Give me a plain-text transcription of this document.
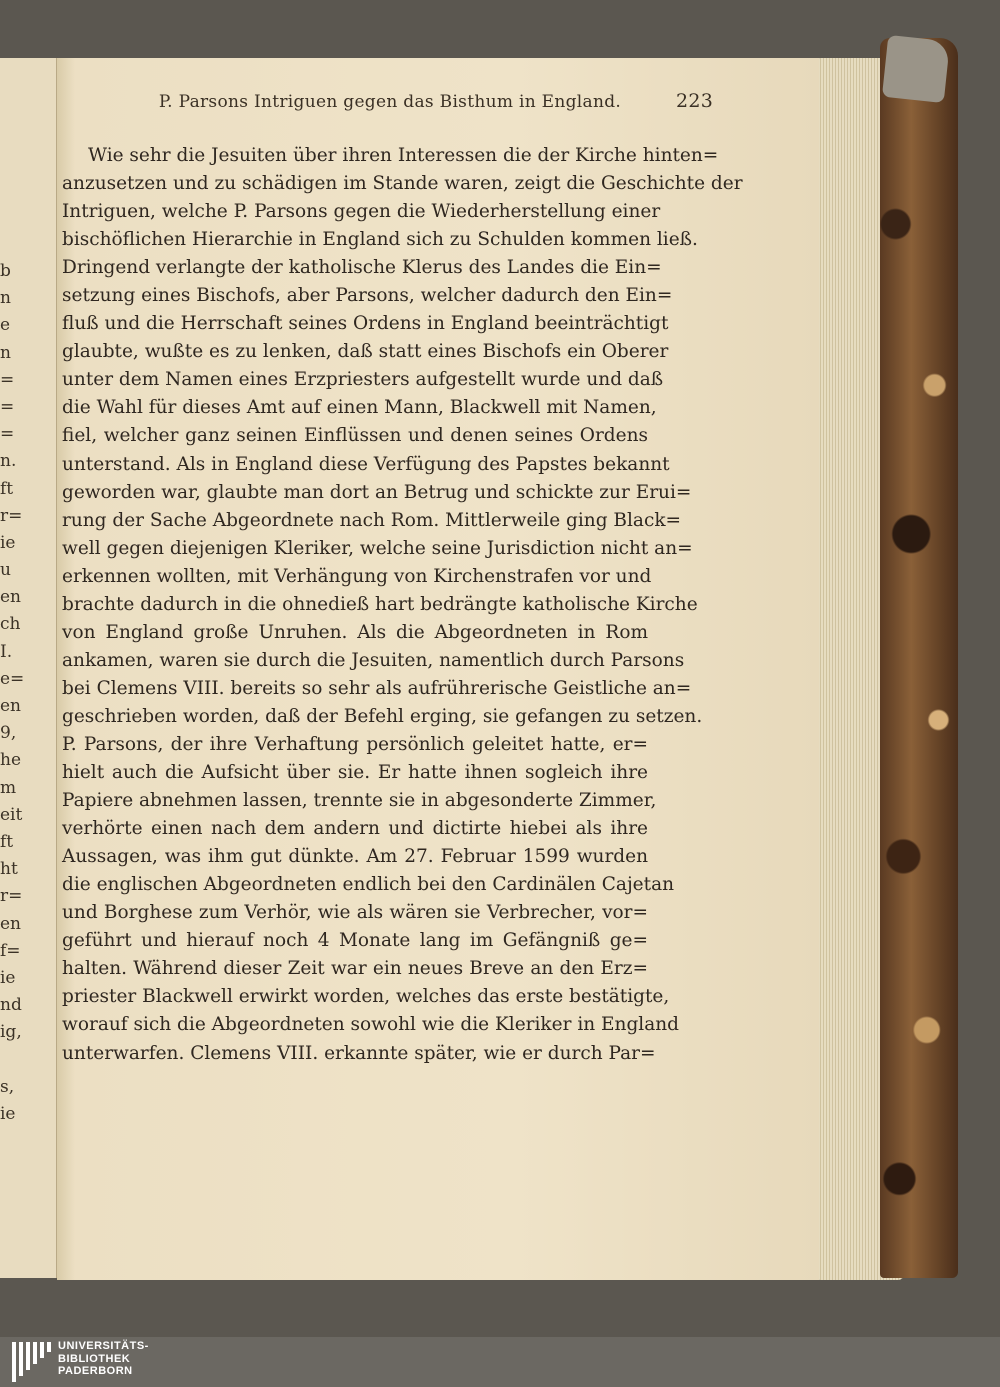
b
n
e
n
=
=
=
n.
ft
r=
ie
u
en
ch
I.
e=
en
9,
he
m
eit
ft
ht
r=
en
f=
ie
nd
ig,
s,
ie
P. Parsons Intriguen gegen das Bisthum in England.	223
Wie sehr die Jesuiten über ihren Interessen die der Kirche hinten=
anzusetzen und zu schädigen im Stande waren, zeigt die Geschichte der
Intriguen, welche P. Parsons gegen die Wiederherstellung einer
bischöflichen Hierarchie in England sich zu Schulden kommen ließ.
Dringend verlangte der katholische Klerus des Landes die Ein=
setzung eines Bischofs, aber Parsons, welcher dadurch den Ein=
fluß und die Herrschaft seines Ordens in England beeinträchtigt
glaubte, wußte es zu lenken, daß statt eines Bischofs ein Oberer
unter dem Namen eines Erzpriesters aufgestellt wurde und daß
die Wahl für dieses Amt auf einen Mann, Blackwell mit Namen,
fiel, welcher ganz seinen Einflüssen und denen seines Ordens
unterstand. Als in England diese Verfügung des Papstes bekannt
geworden war, glaubte man dort an Betrug und schickte zur Erui=
rung der Sache Abgeordnete nach Rom. Mittlerweile ging Black=
well gegen diejenigen Kleriker, welche seine Jurisdiction nicht an=
erkennen wollten, mit Verhängung von Kirchenstrafen vor und
brachte dadurch in die ohnedieß hart bedrängte katholische Kirche
von England große Unruhen. Als die Abgeordneten in Rom
ankamen, waren sie durch die Jesuiten, namentlich durch Parsons
bei Clemens VIII. bereits so sehr als aufrührerische Geistliche an=
geschrieben worden, daß der Befehl erging, sie gefangen zu setzen.
P. Parsons, der ihre Verhaftung persönlich geleitet hatte, er=
hielt auch die Aufsicht über sie. Er hatte ihnen sogleich ihre
Papiere abnehmen lassen, trennte sie in abgesonderte Zimmer,
verhörte einen nach dem andern und dictirte hiebei als ihre
Aussagen, was ihm gut dünkte. Am 27. Februar 1599 wurden
die englischen Abgeordneten endlich bei den Cardinälen Cajetan
und Borghese zum Verhör, wie als wären sie Verbrecher, vor=
geführt und hierauf noch 4 Monate lang im Gefängniß ge=
halten. Während dieser Zeit war ein neues Breve an den Erz=
priester Blackwell erwirkt worden, welches das erste bestätigte,
worauf sich die Abgeordneten sowohl wie die Kleriker in England
unterwarfen. Clemens VIII. erkannte später, wie er durch Par=
UNIVERSITÄTS-
BIBLIOTHEK
PADERBORN
